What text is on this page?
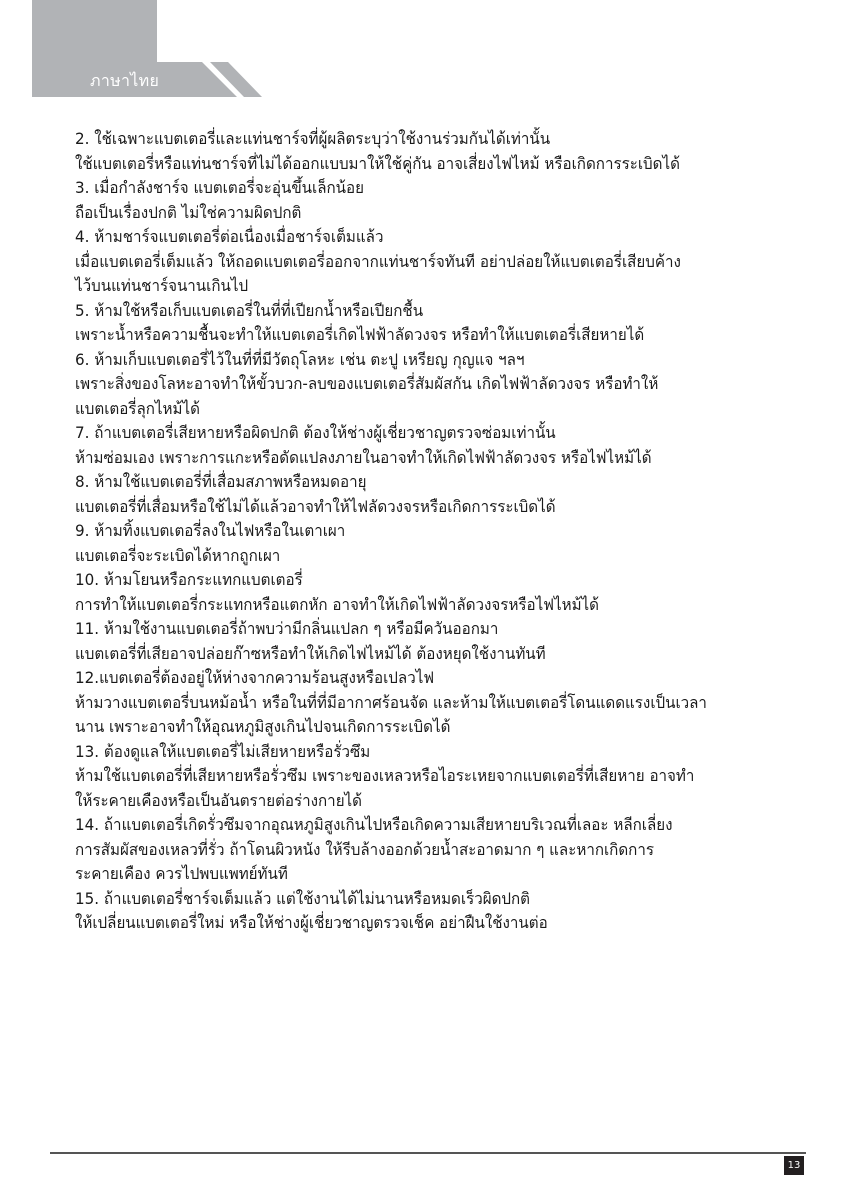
ภาษาไทย

2. ใช้เฉพาะแบตเตอรี่และแท่นชาร์จที่ผู้ผลิตระบุว่าใช้งานร่วมกันได้เท่านั้น

ใช้แบตเตอรี่หรือแท่นชาร์จที่ไม่ได้ออกแบบมาให้ใช้คู่กัน อาจเสี่ยงไฟไหม้ หรือเกิดการระเบิดได้

3. เมื่อกำลังชาร์จ แบตเตอรี่จะอุ่นขึ้นเล็กน้อย

ถือเป็นเรื่องปกติ ไม่ใช่ความผิดปกติ

4. ห้ามชาร์จแบตเตอรี่ต่อเนื่องเมื่อชาร์จเต็มแล้ว

เมื่อแบตเตอรี่เต็มแล้ว ให้ถอดแบตเตอรี่ออกจากแท่นชาร์จทันที อย่าปล่อยให้แบตเตอรี่เสียบค้าง

ไว้บนแท่นชาร์จนานเกินไป

5. ห้ามใช้หรือเก็บแบตเตอรี่ในที่ที่เปียกน้ำหรือเปียกชื้น

เพราะน้ำหรือความชื้นจะทำให้แบตเตอรี่เกิดไฟฟ้าลัดวงจร หรือทำให้แบตเตอรี่เสียหายได้

6. ห้ามเก็บแบตเตอรี่ไว้ในที่ที่มีวัตถุโลหะ เช่น ตะปู เหรียญ กุญแจ ฯลฯ

เพราะสิ่งของโลหะอาจทำให้ขั้วบวก-ลบของแบตเตอรี่สัมผัสกัน เกิดไฟฟ้าลัดวงจร หรือทำให้

แบตเตอรี่ลุกไหม้ได้

7. ถ้าแบตเตอรี่เสียหายหรือผิดปกติ ต้องให้ช่างผู้เชี่ยวชาญตรวจซ่อมเท่านั้น

ห้ามซ่อมเอง เพราะการแกะหรือดัดแปลงภายในอาจทำให้เกิดไฟฟ้าลัดวงจร หรือไฟไหม้ได้

8. ห้ามใช้แบตเตอรี่ที่เสื่อมสภาพหรือหมดอายุ

แบตเตอรี่ที่เสื่อมหรือใช้ไม่ได้แล้วอาจทำให้ไฟลัดวงจรหรือเกิดการระเบิดได้

9. ห้ามทิ้งแบตเตอรี่ลงในไฟหรือในเตาเผา

แบตเตอรี่จะระเบิดได้หากถูกเผา

10. ห้ามโยนหรือกระแทกแบตเตอรี่

การทำให้แบตเตอรี่กระแทกหรือแตกหัก อาจทำให้เกิดไฟฟ้าลัดวงจรหรือไฟไหม้ได้

11. ห้ามใช้งานแบตเตอรี่ถ้าพบว่ามีกลิ่นแปลก ๆ หรือมีควันออกมา

แบตเตอรี่ที่เสียอาจปล่อยก๊าซหรือทำให้เกิดไฟไหม้ได้ ต้องหยุดใช้งานทันที

12.แบตเตอรี่ต้องอยู่ให้ห่างจากความร้อนสูงหรือเปลวไฟ

ห้ามวางแบตเตอรี่บนหม้อน้ำ หรือในที่ที่มีอากาศร้อนจัด และห้ามให้แบตเตอรี่โดนแดดแรงเป็นเวลา

นาน เพราะอาจทำให้อุณหภูมิสูงเกินไปจนเกิดการระเบิดได้

13. ต้องดูแลให้แบตเตอรี่ไม่เสียหายหรือรั่วซึม

ห้ามใช้แบตเตอรี่ที่เสียหายหรือรั่วซึม เพราะของเหลวหรือไอระเหยจากแบตเตอรี่ที่เสียหาย อาจทำ

ให้ระคายเคืองหรือเป็นอันตรายต่อร่างกายได้

14. ถ้าแบตเตอรี่เกิดรั่วซึมจากอุณหภูมิสูงเกินไปหรือเกิดความเสียหายบริเวณที่เลอะ หลีกเลี่ยง

การสัมผัสของเหลวที่รั่ว ถ้าโดนผิวหนัง ให้รีบล้างออกด้วยน้ำสะอาดมาก ๆ และหากเกิดการ

ระคายเคือง ควรไปพบแพทย์ทันที

15. ถ้าแบตเตอรี่ชาร์จเต็มแล้ว แต่ใช้งานได้ไม่นานหรือหมดเร็วผิดปกติ

ให้เปลี่ยนแบตเตอรี่ใหม่ หรือให้ช่างผู้เชี่ยวชาญตรวจเช็ค อย่าฝืนใช้งานต่อ

13
